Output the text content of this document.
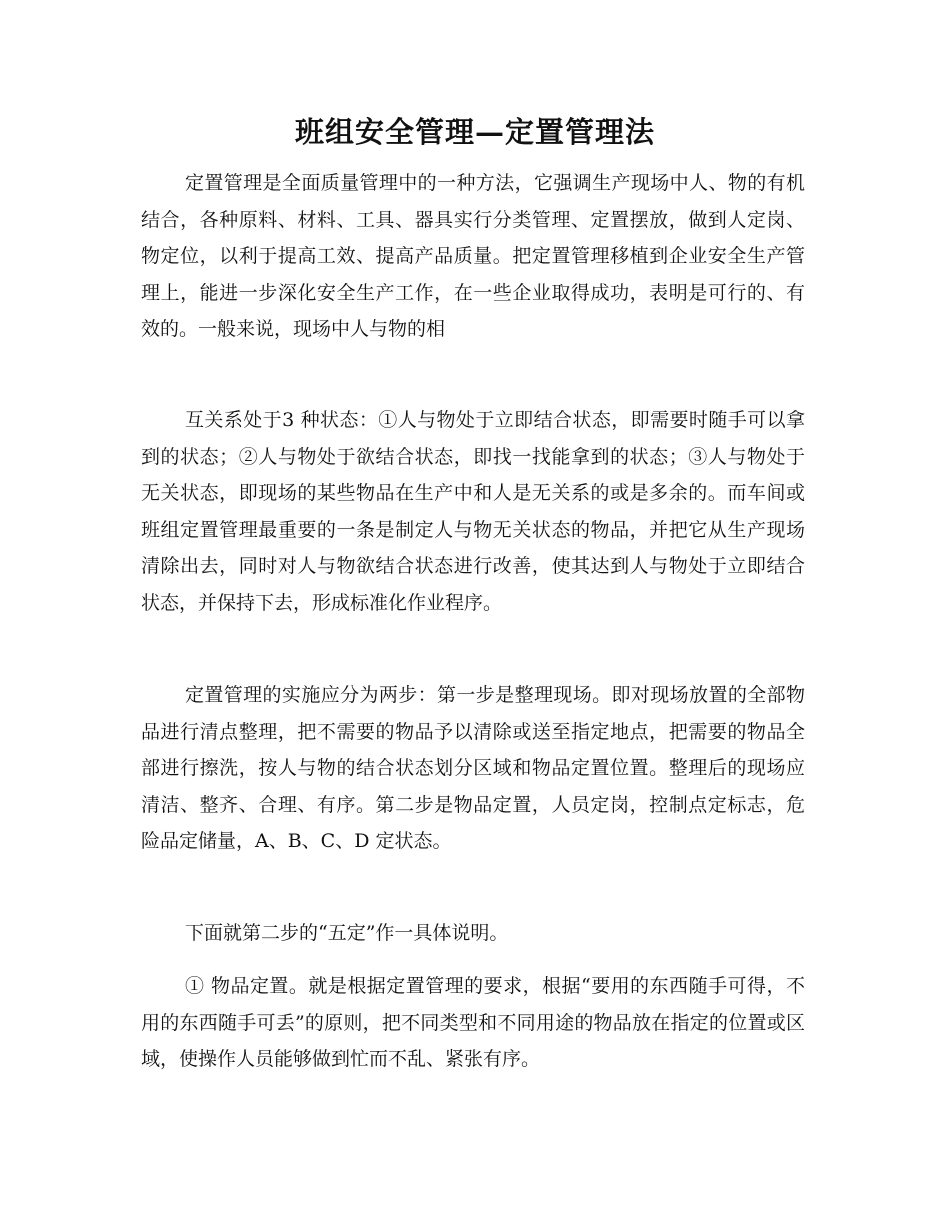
班组安全管理—定置管理法

定置管理是全面质量管理中的一种方法，它强调生产现场中人、物的有机结合，各种原料、材料、工具、器具实行分类管理、定置摆放，做到人定岗、物定位，以利于提高工效、提高产品质量。把定置管理移植到企业安全生产管理上，能进一步深化安全生产工作，在一些企业取得成功，表明是可行的、有效的。一般来说，现场中人与物的相

互关系处于3 种状态：①人与物处于立即结合状态，即需要时随手可以拿到的状态；②人与物处于欲结合状态，即找一找能拿到的状态；③人与物处于无关状态，即现场的某些物品在生产中和人是无关系的或是多余的。而车间或班组定置管理最重要的一条是制定人与物无关状态的物品，并把它从生产现场清除出去，同时对人与物欲结合状态进行改善，使其达到人与物处于立即结合状态，并保持下去，形成标准化作业程序。

定置管理的实施应分为两步：第一步是整理现场。即对现场放置的全部物品进行清点整理，把不需要的物品予以清除或送至指定地点，把需要的物品全部进行擦洗，按人与物的结合状态划分区域和物品定置位置。整理后的现场应清洁、整齐、合理、有序。第二步是物品定置，人员定岗，控制点定标志，危险品定储量，A、B、C、D 定状态。

下面就第二步的“五定”作一具体说明。

① 物品定置。就是根据定置管理的要求，根据“要用的东西随手可得，不用的东西随手可丢”的原则，把不同类型和不同用途的物品放在指定的位置或区域，使操作人员能够做到忙而不乱、紧张有序。
